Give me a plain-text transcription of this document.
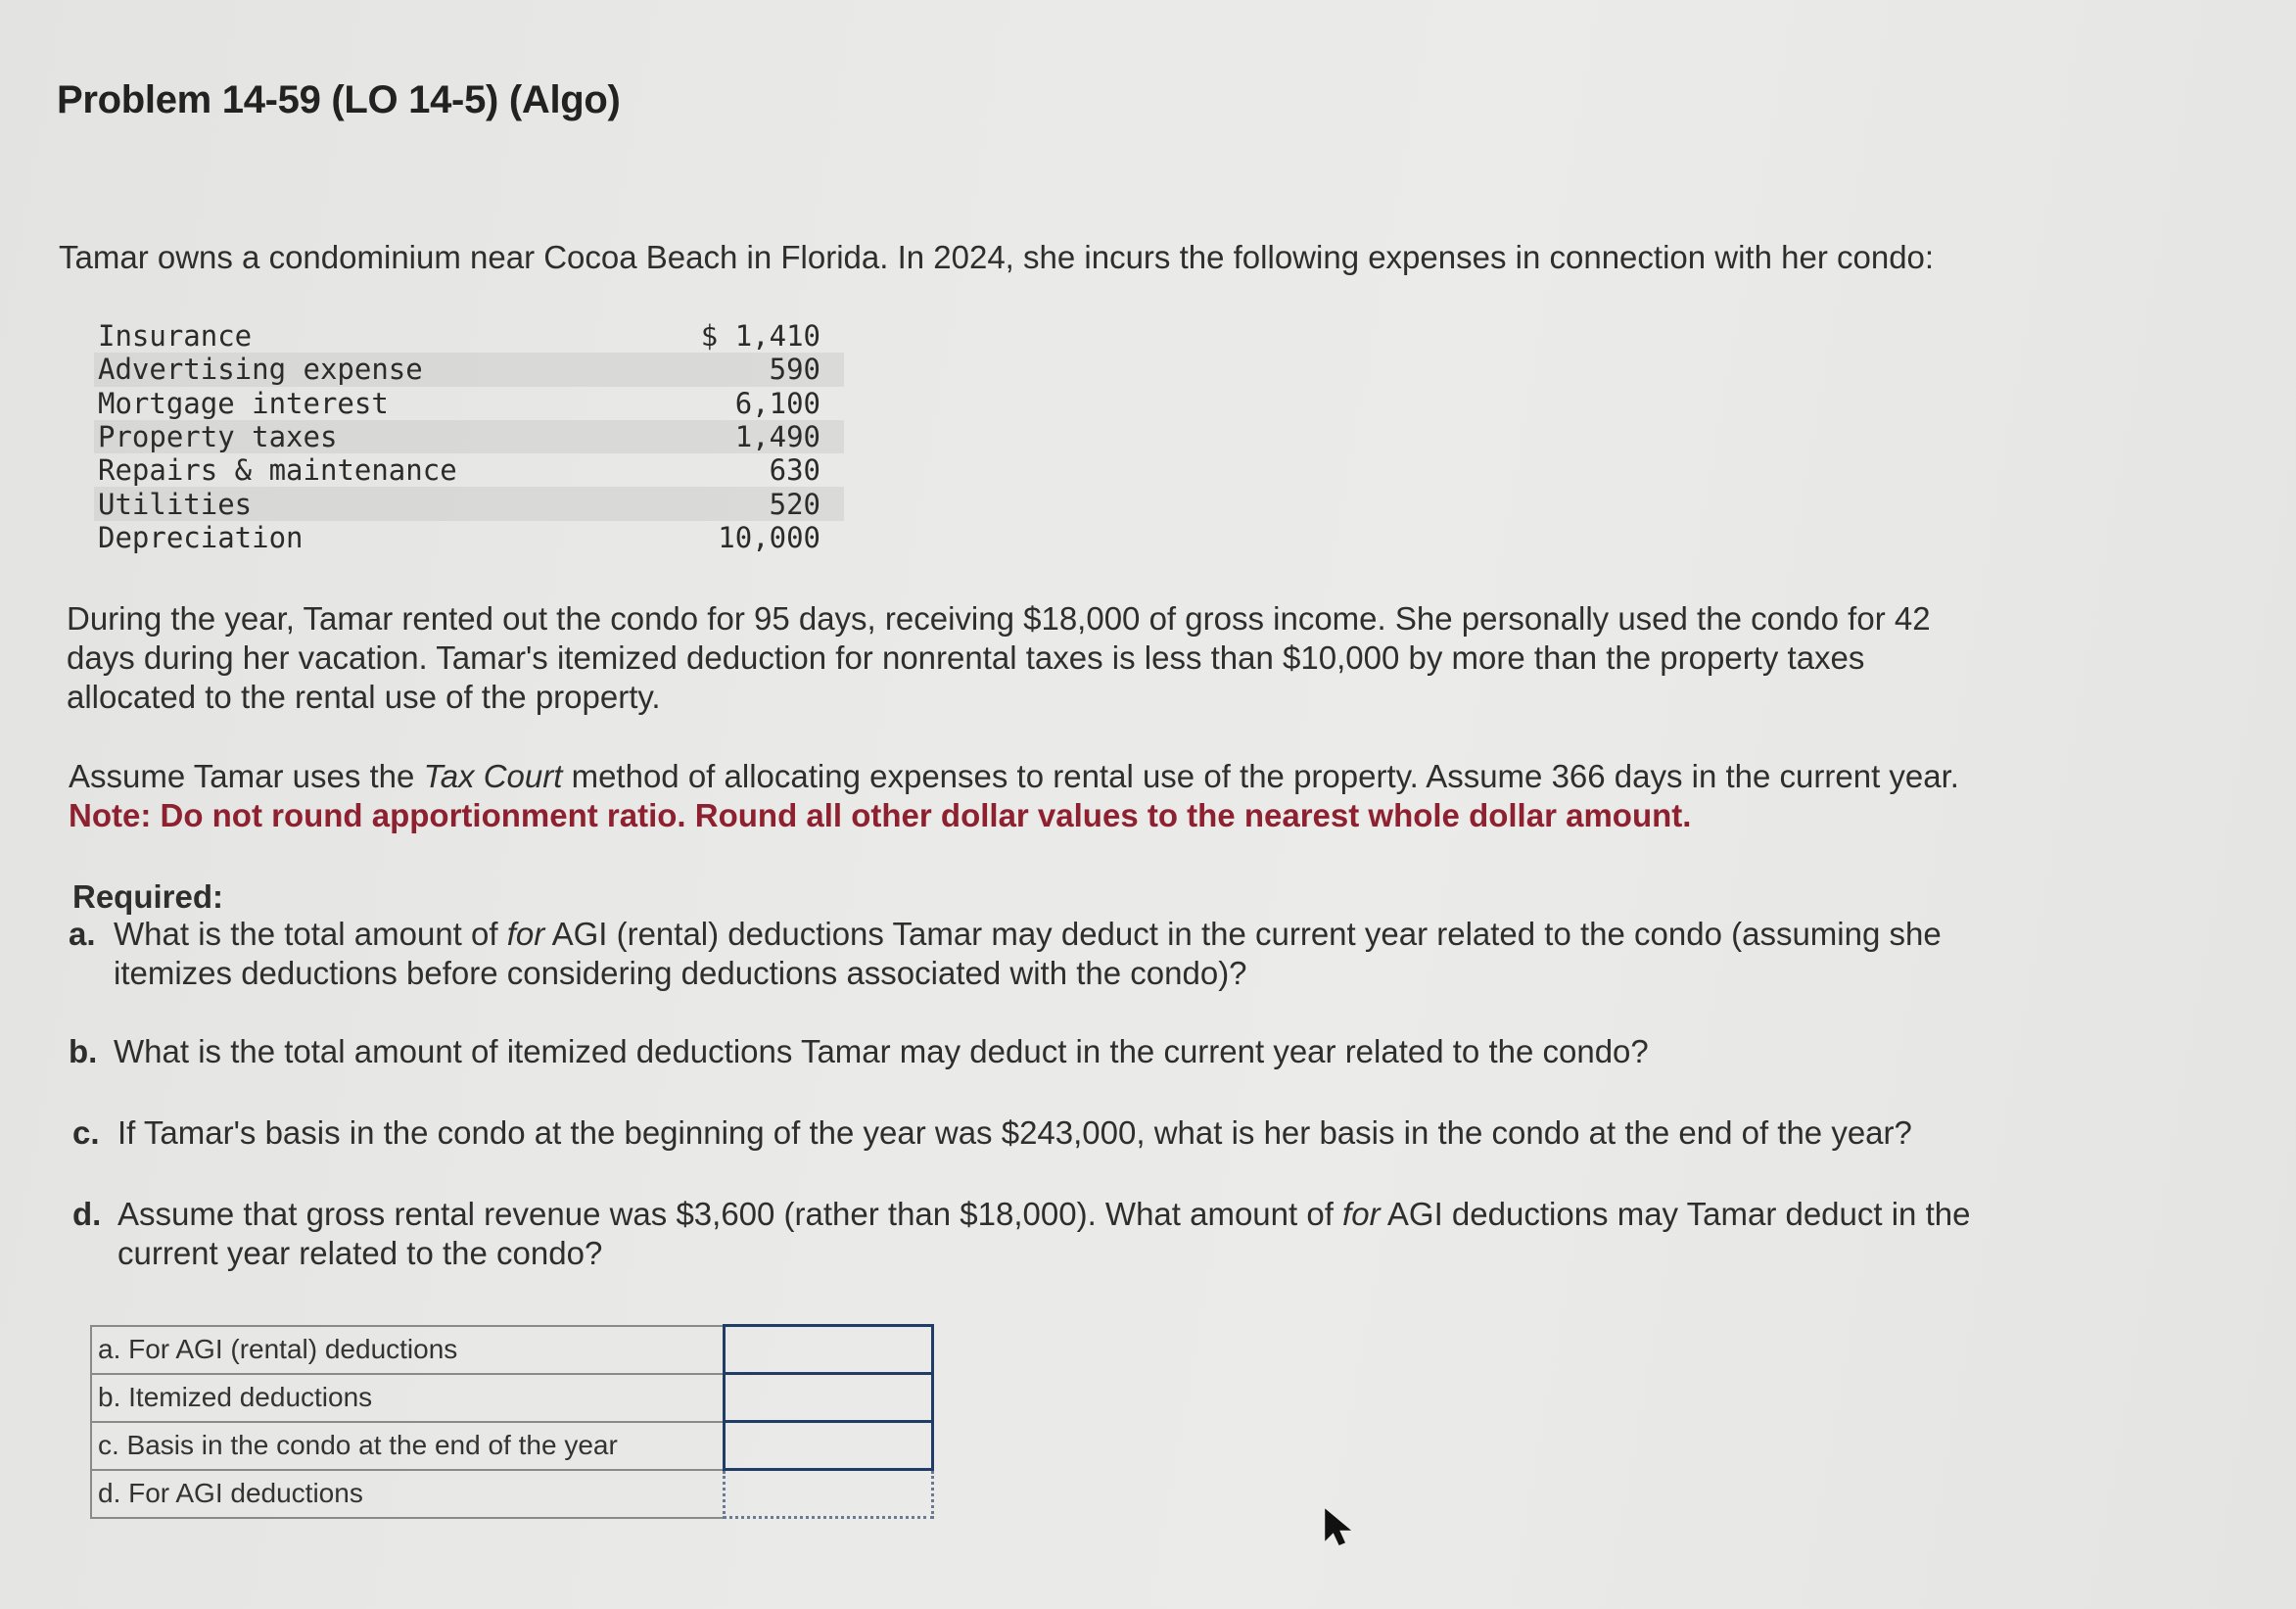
Problem 14-59 (LO 14-5) (Algo)
Tamar owns a condominium near Cocoa Beach in Florida. In 2024, she incurs the following expenses in connection with her condo:
Insurance	$ 1,410
Advertising expense	590
Mortgage interest	6,100
Property taxes	1,490
Repairs & maintenance	630
Utilities	520
Depreciation	10,000
During the year, Tamar rented out the condo for 95 days, receiving $18,000 of gross income. She personally used the condo for 42
days during her vacation. Tamar's itemized deduction for nonrental taxes is less than $10,000 by more than the property taxes
allocated to the rental use of the property.
Assume Tamar uses the Tax Court method of allocating expenses to rental use of the property. Assume 366 days in the current year.
Note: Do not round apportionment ratio. Round all other dollar values to the nearest whole dollar amount.
Required:
a. What is the total amount of for AGI (rental) deductions Tamar may deduct in the current year related to the condo (assuming she
itemizes deductions before considering deductions associated with the condo)?
b. What is the total amount of itemized deductions Tamar may deduct in the current year related to the condo?
c. If Tamar's basis in the condo at the beginning of the year was $243,000, what is her basis in the condo at the end of the year?
d. Assume that gross rental revenue was $3,600 (rather than $18,000). What amount of for AGI deductions may Tamar deduct in the
current year related to the condo?
a. For AGI (rental) deductions	
b. Itemized deductions	
c. Basis in the condo at the end of the year	
d. For AGI deductions	
